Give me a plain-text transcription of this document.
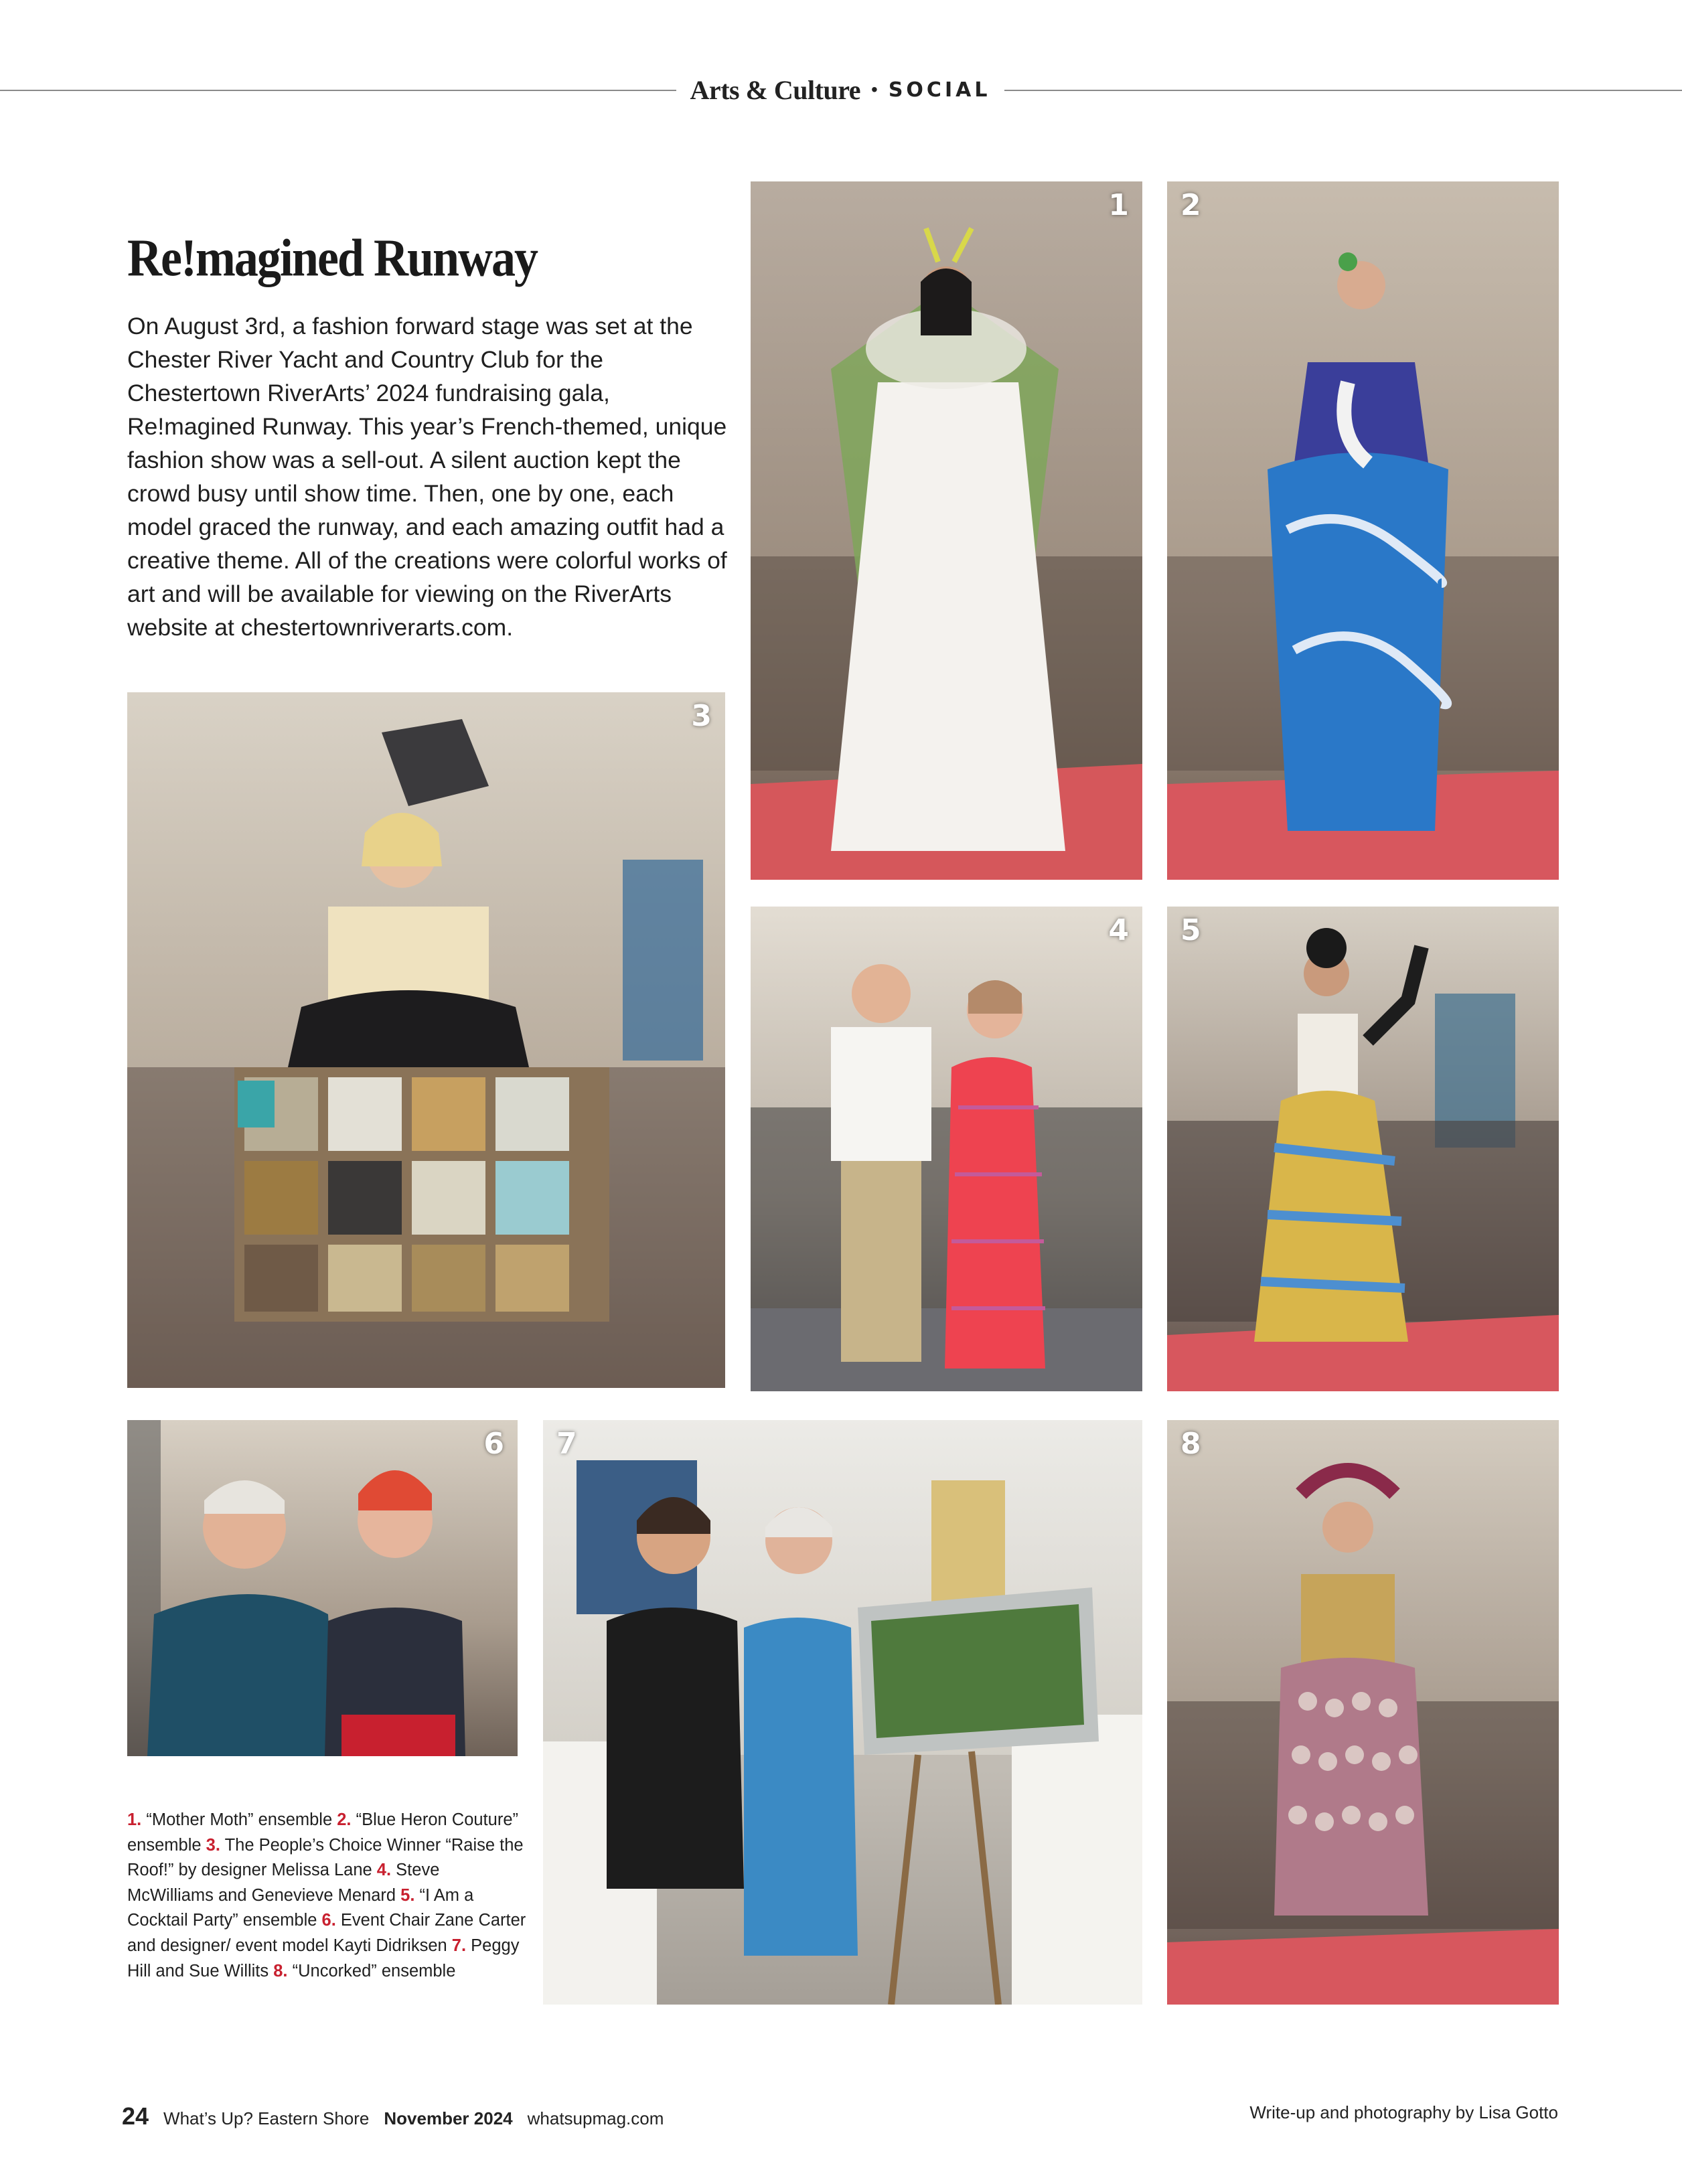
Arts & Culture • SOCIAL
Re!magined Runway

On August 3rd, a fashion forward stage was set at the Chester River Yacht and Country Club for the Chestertown RiverArts’ 2024 fundraising gala, Re!magined Runway. This year’s French-themed, unique fashion show was a sell-out. A silent auction kept the crowd busy until show time. Then, one by one, each model graced the runway, and each amazing outfit had a creative theme. All of the creations were colorful works of art and will be available for viewing on the RiverArts website at chestertownriverarts.com.

1 2
3
4 5
6 7	8

1. “Mother Moth” ensemble 2. “Blue Heron Couture” ensemble 3. The People’s Choice Winner “Raise the Roof!” by designer Melissa Lane 4. Steve McWilliams and Genevieve Menard 5. “I Am a Cocktail Party” ensemble 6. Event Chair Zane Carter and designer/ event model Kayti Didriksen 7. Peggy Hill and Sue Willits 8. “Uncorked” ensemble

24 What’s Up? Eastern Shore November 2024 whatsupmag.com	Write-up and photography by Lisa Gotto
